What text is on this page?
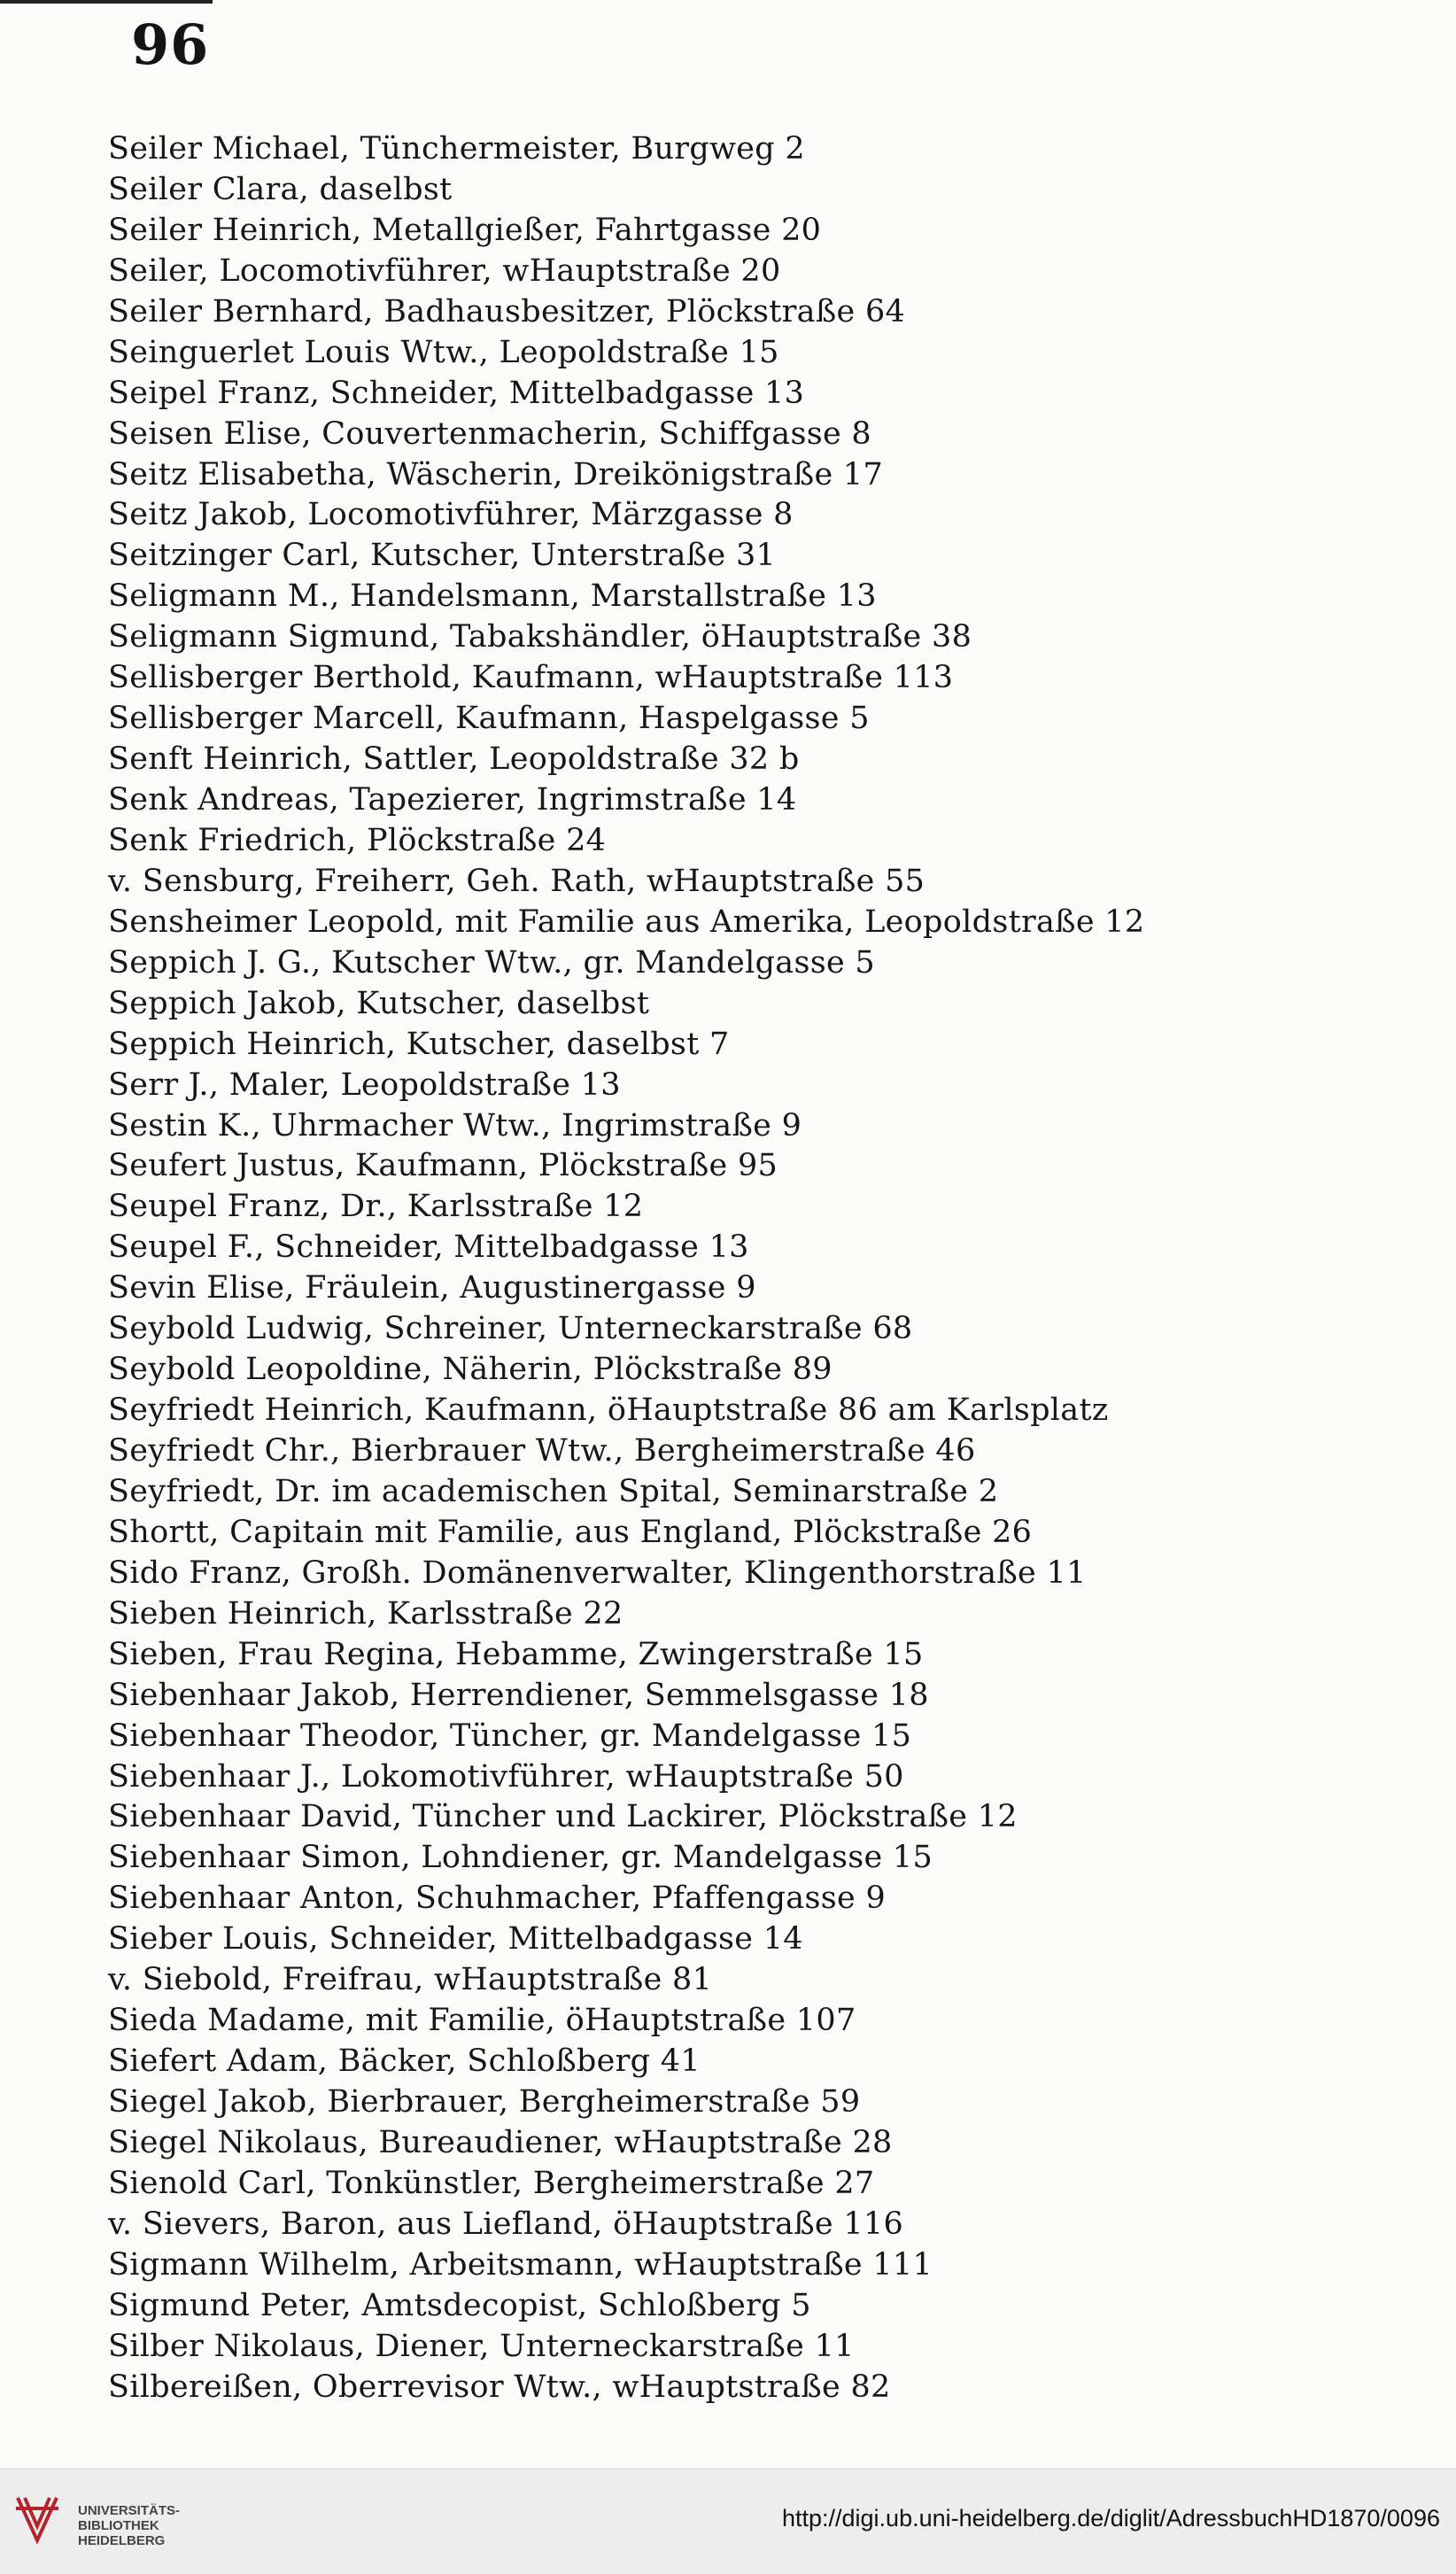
96
Seiler Michael, Tünchermeister, Burgweg 2
Seiler Clara, daselbst
Seiler Heinrich, Metallgießer, Fahrtgasse 20
Seiler, Locomotivführer, wHauptstraße 20
Seiler Bernhard, Badhausbesitzer, Plöckstraße 64
Seinguerlet Louis Wtw., Leopoldstraße 15
Seipel Franz, Schneider, Mittelbadgasse 13
Seisen Elise, Couvertenmacherin, Schiffgasse 8
Seitz Elisabetha, Wäscherin, Dreikönigstraße 17
Seitz Jakob, Locomotivführer, Märzgasse 8
Seitzinger Carl, Kutscher, Unterstraße 31
Seligmann M., Handelsmann, Marstallstraße 13
Seligmann Sigmund, Tabakshändler, öHauptstraße 38
Sellisberger Berthold, Kaufmann, wHauptstraße 113
Sellisberger Marcell, Kaufmann, Haspelgasse 5
Senft Heinrich, Sattler, Leopoldstraße 32 b
Senk Andreas, Tapezierer, Ingrimstraße 14
Senk Friedrich, Plöckstraße 24
v. Sensburg, Freiherr, Geh. Rath, wHauptstraße 55
Sensheimer Leopold, mit Familie aus Amerika, Leopoldstraße 12
Seppich J. G., Kutscher Wtw., gr. Mandelgasse 5
Seppich Jakob, Kutscher, daselbst
Seppich Heinrich, Kutscher, daselbst 7
Serr J., Maler, Leopoldstraße 13
Sestin K., Uhrmacher Wtw., Ingrimstraße 9
Seufert Justus, Kaufmann, Plöckstraße 95
Seupel Franz, Dr., Karlsstraße 12
Seupel F., Schneider, Mittelbadgasse 13
Sevin Elise, Fräulein, Augustinergasse 9
Seybold Ludwig, Schreiner, Unterneckarstraße 68
Seybold Leopoldine, Näherin, Plöckstraße 89
Seyfriedt Heinrich, Kaufmann, öHauptstraße 86 am Karlsplatz
Seyfriedt Chr., Bierbrauer Wtw., Bergheimerstraße 46
Seyfriedt, Dr. im academischen Spital, Seminarstraße 2
Shortt, Capitain mit Familie, aus England, Plöckstraße 26
Sido Franz, Großh. Domänenverwalter, Klingenthorstraße 11
Sieben Heinrich, Karlsstraße 22
Sieben, Frau Regina, Hebamme, Zwingerstraße 15
Siebenhaar Jakob, Herrendiener, Semmelsgasse 18
Siebenhaar Theodor, Tüncher, gr. Mandelgasse 15
Siebenhaar J., Lokomotivführer, wHauptstraße 50
Siebenhaar David, Tüncher und Lackirer, Plöckstraße 12
Siebenhaar Simon, Lohndiener, gr. Mandelgasse 15
Siebenhaar Anton, Schuhmacher, Pfaffengasse 9
Sieber Louis, Schneider, Mittelbadgasse 14
v. Siebold, Freifrau, wHauptstraße 81
Sieda Madame, mit Familie, öHauptstraße 107
Siefert Adam, Bäcker, Schloßberg 41
Siegel Jakob, Bierbrauer, Bergheimerstraße 59
Siegel Nikolaus, Bureaudiener, wHauptstraße 28
Sienold Carl, Tonkünstler, Bergheimerstraße 27
v. Sievers, Baron, aus Liefland, öHauptstraße 116
Sigmann Wilhelm, Arbeitsmann, wHauptstraße 111
Sigmund Peter, Amtsdecopist, Schloßberg 5
Silber Nikolaus, Diener, Unterneckarstraße 11
Silbereißen, Oberrevisor Wtw., wHauptstraße 82
UNIVERSITÄTS-
BIBLIOTHEK
HEIDELBERG
http://digi.ub.uni-heidelberg.de/diglit/AdressbuchHD1870/0096
